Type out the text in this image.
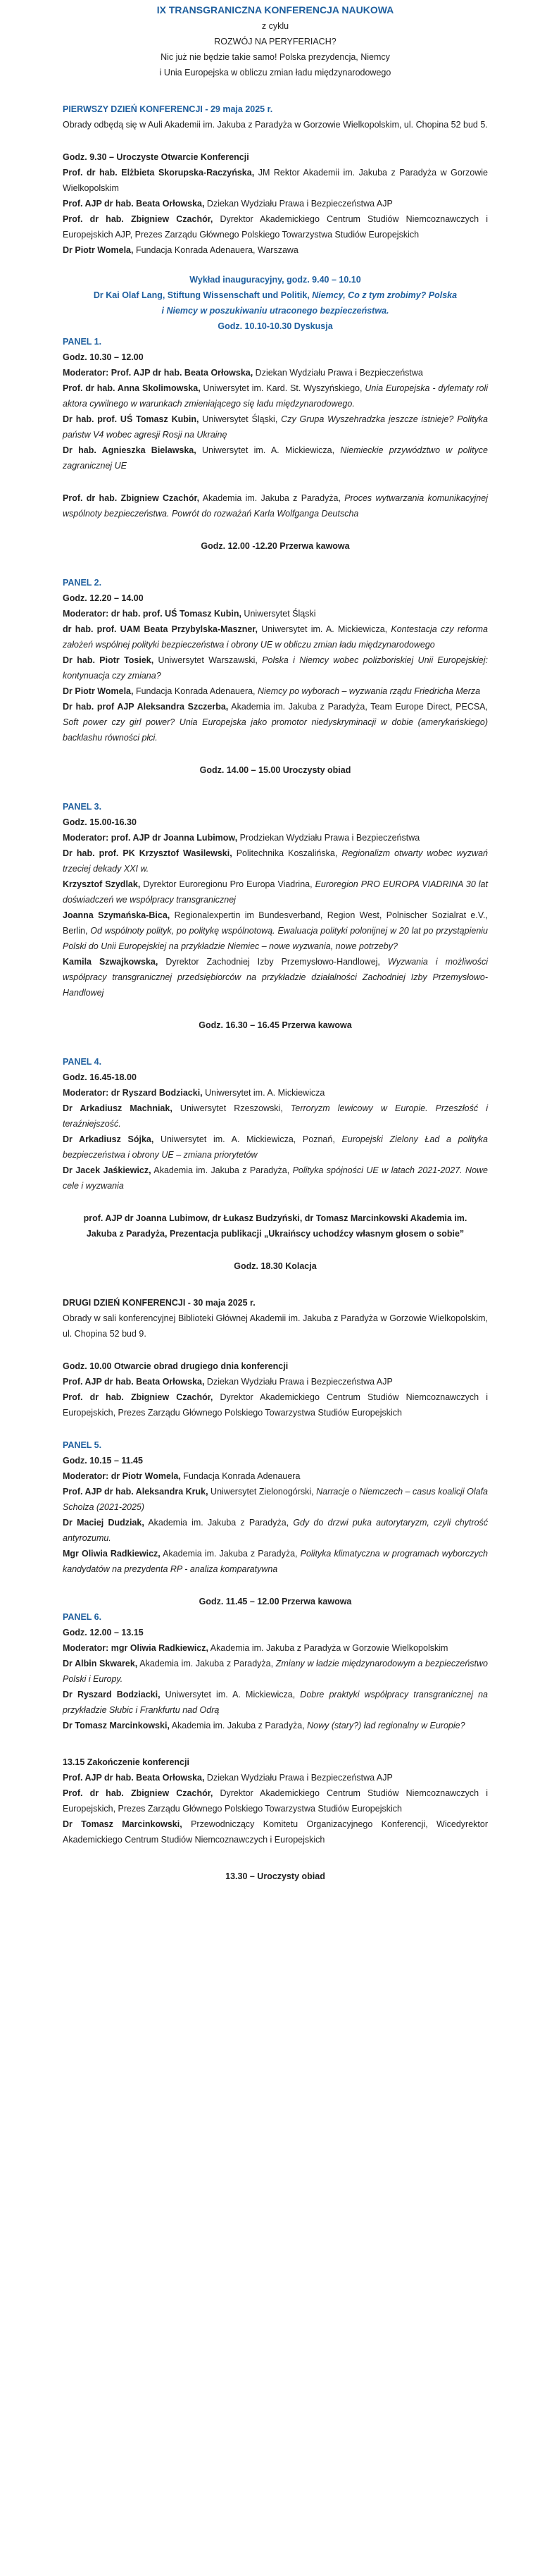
IX TRANSGRANICZNA KONFERENCJA NAUKOWA
z cyklu
ROZWÓJ NA PERYFERIACH?
Nic już nie będzie takie samo! Polska prezydencja, Niemcy
i Unia Europejska w obliczu zmian ładu międzynarodowego
PIERWSZY DZIEŃ KONFERENCJI - 29 maja 2025 r.

Obrady odbędą się w Auli Akademii im. Jakuba z Paradyża w Gorzowie Wielkopolskim, ul. Chopina 52 bud 5.

Godz. 9.30 – Uroczyste Otwarcie Konferencji

Prof. dr hab. Elżbieta Skorupska-Raczyńska, JM Rektor Akademii im. Jakuba z Paradyża w Gorzowie Wielkopolskim

Prof. AJP dr hab. Beata Orłowska, Dziekan Wydziału Prawa i Bezpieczeństwa AJP

Prof. dr hab. Zbigniew Czachór, Dyrektor Akademickiego Centrum Studiów Niemcoznawczych i Europejskich AJP, Prezes Zarządu Głównego Polskiego Towarzystwa Studiów Europejskich

Dr Piotr Womela, Fundacja Konrada Adenauera, Warszawa

Wykład inauguracyjny, godz. 9.40 – 10.10
Dr Kai Olaf Lang, Stiftung Wissenschaft und Politik, Niemcy, Co z tym zrobimy? Polska
i Niemcy w poszukiwaniu utraconego bezpieczeństwa.
Godz. 10.10-10.30 Dyskusja
PANEL 1.
Godz. 10.30 – 12.00

Moderator: Prof. AJP dr hab. Beata Orłowska, Dziekan Wydziału Prawa i Bezpieczeństwa

Prof. dr hab. Anna Skolimowska, Uniwersytet im. Kard. St. Wyszyńskiego, Unia Europejska - dylematy roli aktora cywilnego w warunkach zmieniającego się ładu międzynarodowego.

Dr hab. prof. UŚ Tomasz Kubin, Uniwersytet Śląski, Czy Grupa Wyszehradzka jeszcze istnieje? Polityka państw V4 wobec agresji Rosji na Ukrainę

Dr hab. Agnieszka Bielawska, Uniwersytet im. A. Mickiewicza, Niemieckie przywództwo w polityce zagranicznej UE

Prof. dr hab. Zbigniew Czachór, Akademia im. Jakuba z Paradyża, Proces wytwarzania komunikacyjnej wspólnoty bezpieczeństwa. Powrót do rozważań Karla Wolfganga Deutscha

Godz. 12.00 -12.20 Przerwa kawowa
PANEL 2.
Godz. 12.20 – 14.00

Moderator: dr hab. prof. UŚ Tomasz Kubin, Uniwersytet Śląski

dr hab. prof. UAM Beata Przybylska-Maszner, Uniwersytet im. A. Mickiewicza, Kontestacja czy reforma założeń wspólnej polityki bezpieczeństwa i obrony UE w obliczu zmian ładu międzynarodowego

Dr hab. Piotr Tosiek, Uniwersytet Warszawski, Polska i Niemcy wobec polizboriskiej Unii Europejskiej: kontynuacja czy zmiana?

Dr Piotr Womela, Fundacja Konrada Adenauera, Niemcy po wyborach – wyzwania rządu Friedricha Merza

Dr hab. prof AJP Aleksandra Szczerba, Akademia im. Jakuba z Paradyża, Team Europe Direct, PECSA, Soft power czy girl power? Unia Europejska jako promotor niedyskryminacji w dobie (amerykańskiego) backlashu równości płci.

Godz. 14.00 – 15.00 Uroczysty obiad
PANEL 3.
Godz. 15.00-16.30

Moderator: prof. AJP dr Joanna Lubimow, Prodziekan Wydziału Prawa i Bezpieczeństwa

Dr hab. prof. PK Krzysztof Wasilewski, Politechnika Koszalińska, Regionalizm otwarty wobec wyzwań trzeciej dekady XXI w.

Krzysztof Szydlak, Dyrektor Euroregionu Pro Europa Viadrina, Euroregion PRO EUROPA VIADRINA 30 lat doświadczeń we współpracy transgranicznej

Joanna Szymańska-Bica, Regionalexpertin im Bundesverband, Region West, Polnischer Sozialrat e.V., Berlin, Od wspólnoty polityk, po politykę wspólnotową. Ewaluacja polityki polonijnej w 20 lat po przystąpieniu Polski do Unii Europejskiej na przykładzie Niemiec – nowe wyzwania, nowe potrzeby?

Kamila Szwajkowska, Dyrektor Zachodniej Izby Przemysłowo-Handlowej, Wyzwania i możliwości współpracy transgranicznej przedsiębiorców na przykładzie działalności Zachodniej Izby Przemysłowo-Handlowej

Godz. 16.30 – 16.45 Przerwa kawowa
PANEL 4.
Godz. 16.45-18.00

Moderator: dr Ryszard Bodziacki, Uniwersytet im. A. Mickiewicza

Dr Arkadiusz Machniak, Uniwersytet Rzeszowski, Terroryzm lewicowy w Europie. Przeszłość i teraźniejszość.

Dr Arkadiusz Sójka, Uniwersytet im. A. Mickiewicza, Poznań, Europejski Zielony Ład a polityka bezpieczeństwa i obrony UE – zmiana priorytetów

Dr Jacek Jaśkiewicz, Akademia im. Jakuba z Paradyża, Polityka spójności UE w latach 2021-2027. Nowe cele i wyzwania

prof. AJP dr Joanna Lubimow, dr Łukasz Budzyński, dr Tomasz Marcinkowski Akademia im.
Jakuba z Paradyża, Prezentacja publikacji „Ukraińscy uchodźcy własnym głosem o sobie”
Godz. 18.30 Kolacja
DRUGI DZIEŃ KONFERENCJI - 30 maja 2025 r.

Obrady w sali konferencyjnej Biblioteki Głównej Akademii im. Jakuba z Paradyża w Gorzowie Wielkopolskim, ul. Chopina 52 bud 9.

Godz. 10.00 Otwarcie obrad drugiego dnia konferencji

Prof. AJP dr hab. Beata Orłowska, Dziekan Wydziału Prawa i Bezpieczeństwa AJP

Prof. dr hab. Zbigniew Czachór, Dyrektor Akademickiego Centrum Studiów Niemcoznawczych i Europejskich, Prezes Zarządu Głównego Polskiego Towarzystwa Studiów Europejskich

PANEL 5.
Godz. 10.15 – 11.45

Moderator: dr Piotr Womela, Fundacja Konrada Adenauera

Prof. AJP dr hab. Aleksandra Kruk, Uniwersytet Zielonogórski, Narracje o Niemczech – casus koalicji Olafa Scholza (2021-2025)

Dr Maciej Dudziak, Akademia im. Jakuba z Paradyża, Gdy do drzwi puka autorytaryzm, czyli chytrość antyrozumu.

Mgr Oliwia Radkiewicz, Akademia im. Jakuba z Paradyża, Polityka klimatyczna w programach wyborczych kandydatów na prezydenta RP - analiza komparatywna

Godz. 11.45 – 12.00 Przerwa kawowa
PANEL 6.
Godz. 12.00 – 13.15

Moderator: mgr Oliwia Radkiewicz, Akademia im. Jakuba z Paradyża w Gorzowie Wielkopolskim

Dr Albin Skwarek, Akademia im. Jakuba z Paradyża, Zmiany w ładzie międzynarodowym a bezpieczeństwo Polski i Europy.

Dr Ryszard Bodziacki, Uniwersytet im. A. Mickiewicza, Dobre praktyki współpracy transgranicznej na przykładzie Słubic i Frankfurtu nad Odrą

Dr Tomasz Marcinkowski, Akademia im. Jakuba z Paradyża, Nowy (stary?) ład regionalny w Europie?

13.15 Zakończenie konferencji

Prof. AJP dr hab. Beata Orłowska, Dziekan Wydziału Prawa i Bezpieczeństwa AJP

Prof. dr hab. Zbigniew Czachór, Dyrektor Akademickiego Centrum Studiów Niemcoznawczych i Europejskich, Prezes Zarządu Głównego Polskiego Towarzystwa Studiów Europejskich

Dr Tomasz Marcinkowski, Przewodniczący Komitetu Organizacyjnego Konferencji, Wicedyrektor Akademickiego Centrum Studiów Niemcoznawczych i Europejskich

13.30 – Uroczysty obiad
